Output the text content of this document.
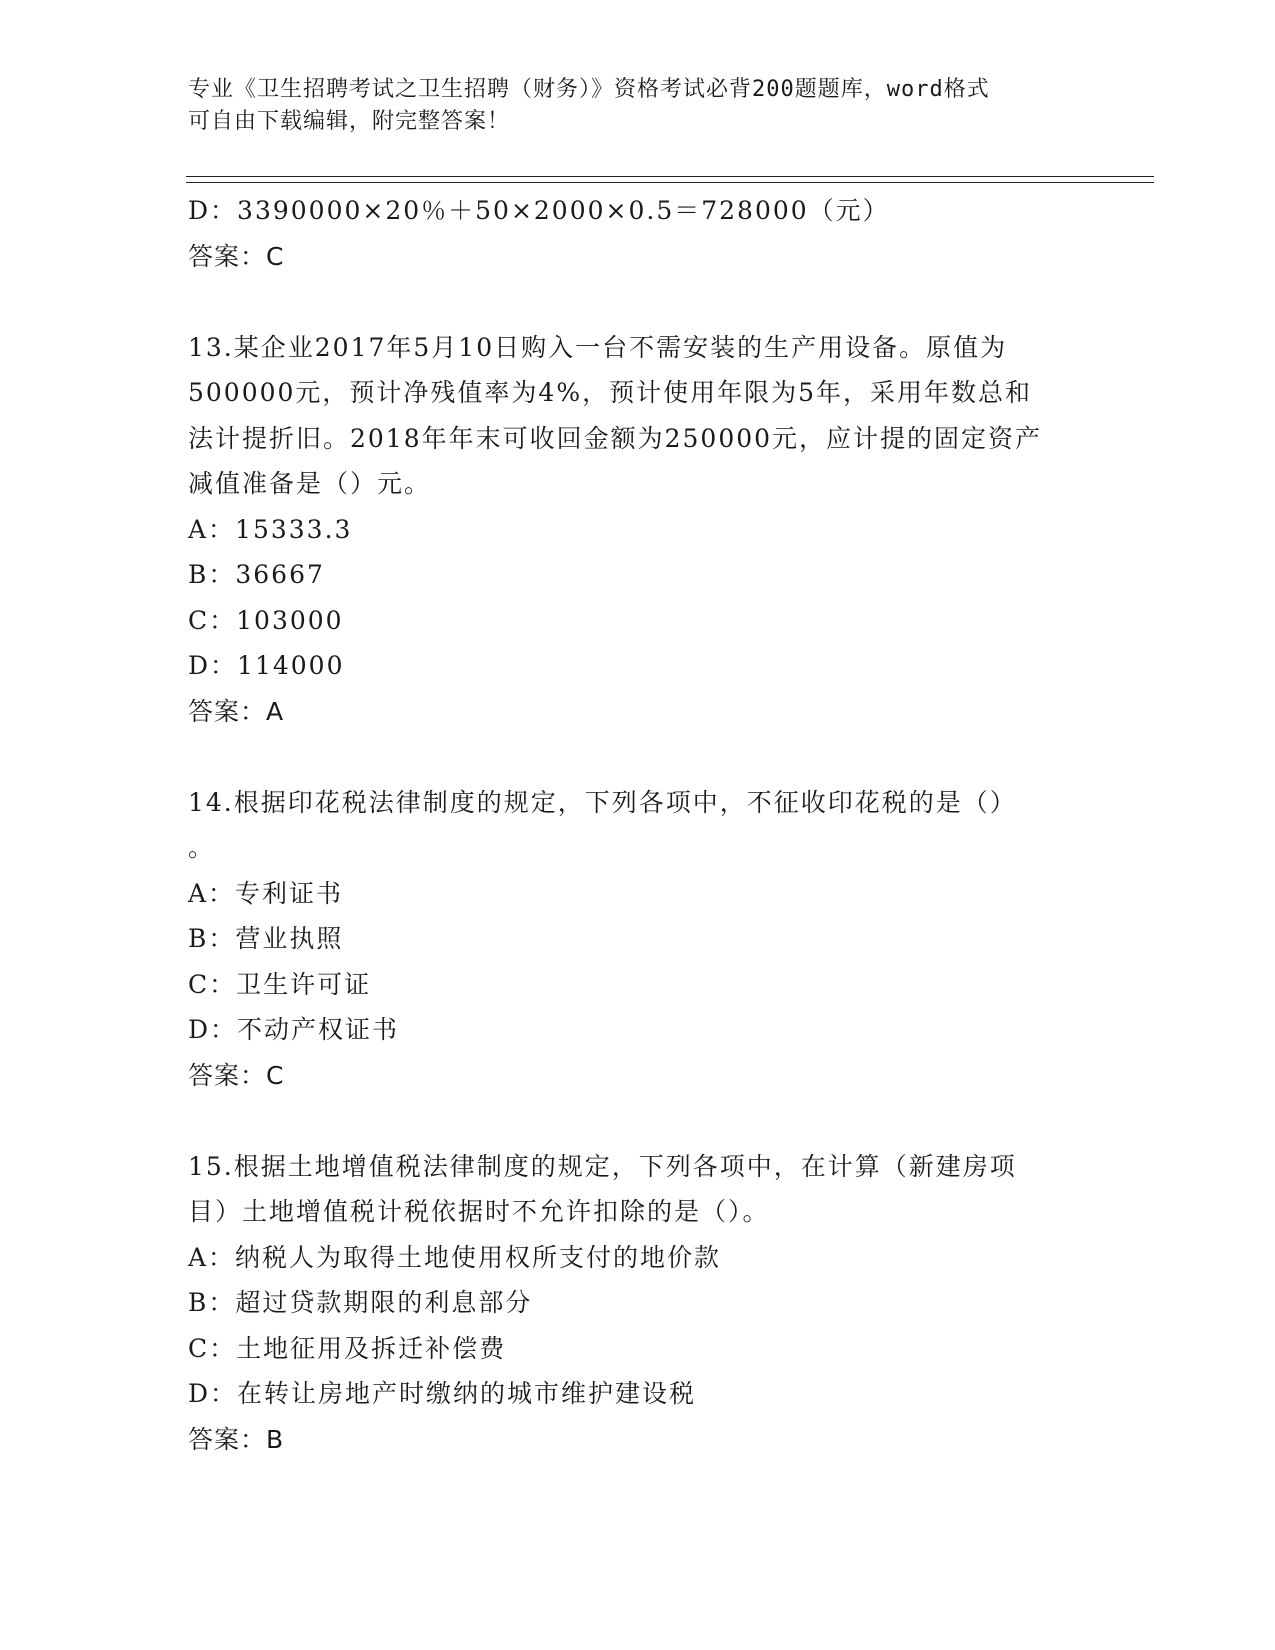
专业《卫生招聘考试之卫生招聘（财务）》资格考试必背200题题库，word格式
可自由下载编辑，附完整答案！
D：3390000×20％＋50×2000×0.5＝728000（元）
答案：C
13.某企业2017年5月10日购入一台不需安装的生产用设备。原值为
500000元，预计净残值率为4%，预计使用年限为5年，采用年数总和
法计提折旧。2018年年末可收回金额为250000元，应计提的固定资产
减值准备是（）元。
A：15333.3
B：36667
C：103000
D：114000
答案：A
14.根据印花税法律制度的规定，下列各项中，不征收印花税的是（）
。
A：专利证书
B：营业执照
C：卫生许可证
D：不动产权证书
答案：C
15.根据土地增值税法律制度的规定，下列各项中，在计算（新建房项
目）土地增值税计税依据时不允许扣除的是（）。
A：纳税人为取得土地使用权所支付的地价款
B：超过贷款期限的利息部分
C：土地征用及拆迁补偿费
D：在转让房地产时缴纳的城市维护建设税
答案：B
